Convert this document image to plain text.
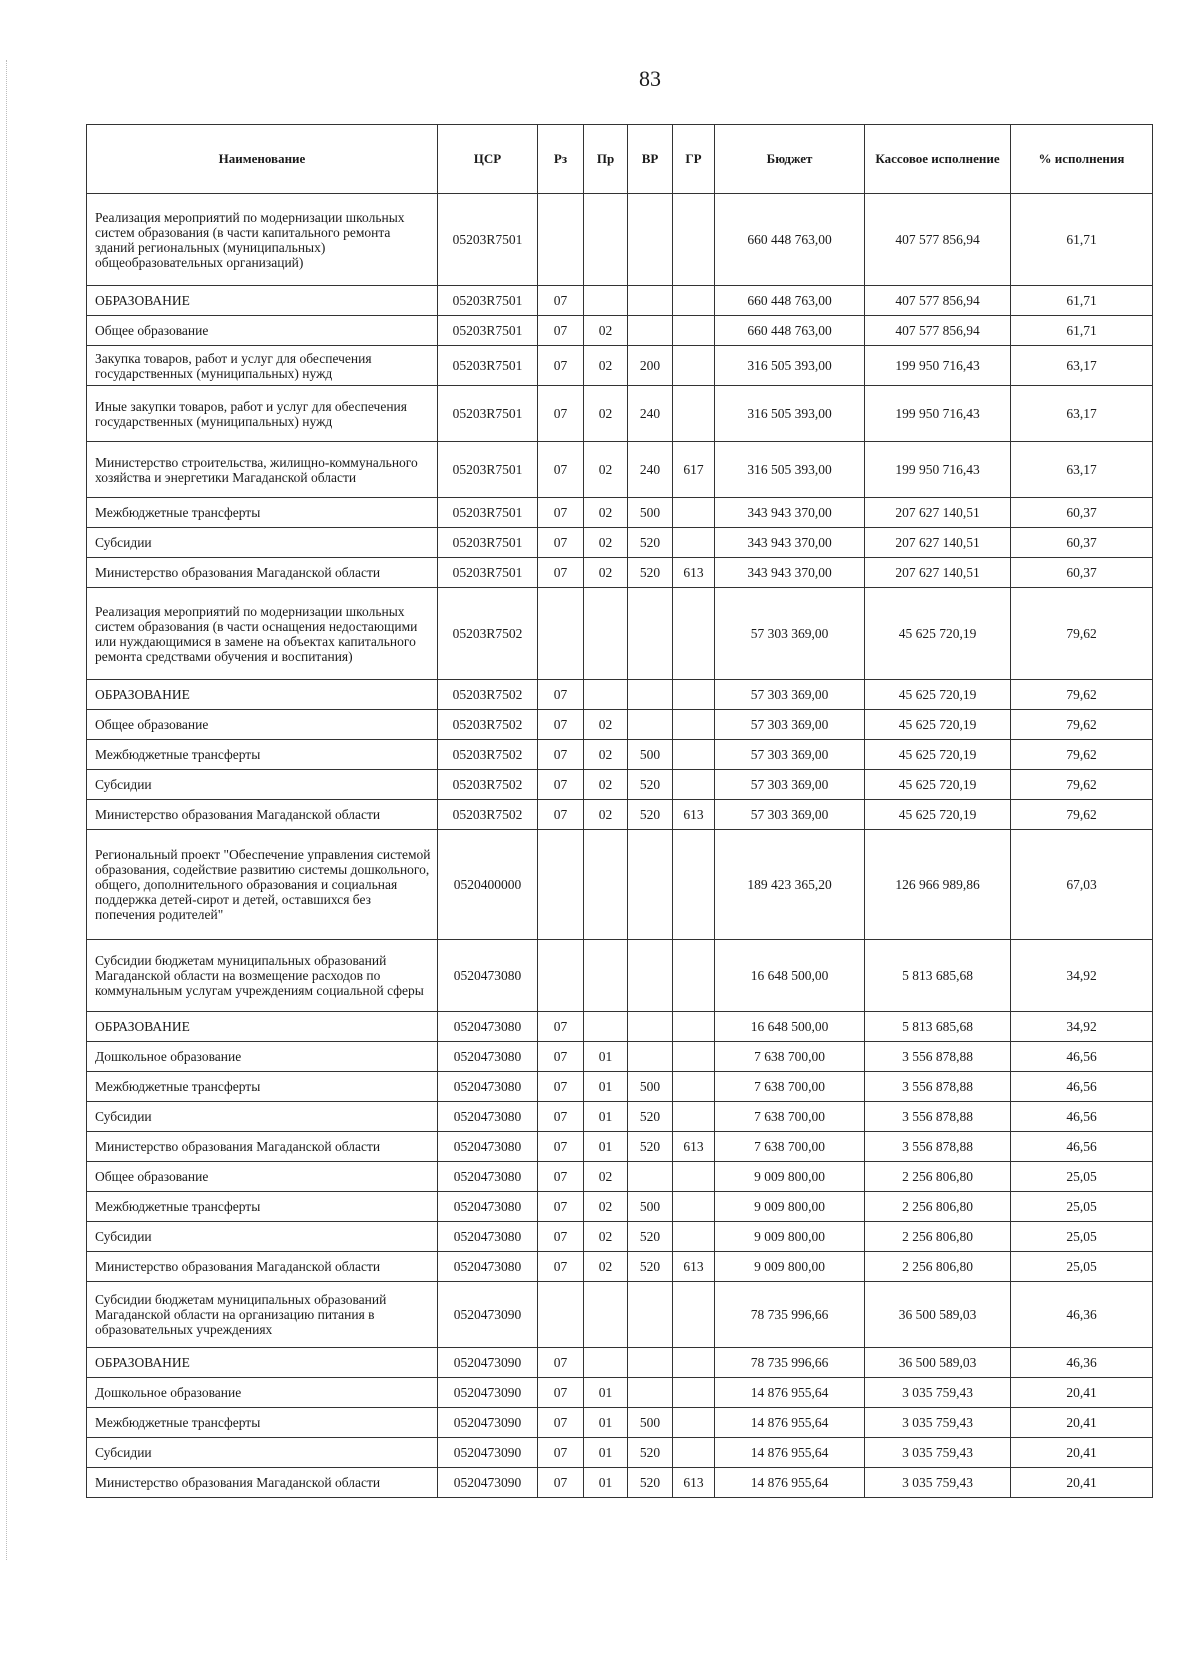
83
Наименование	ЦСР	Рз	Пр	ВР	ГР	Бюджет	Кассовое исполнение	% исполнения
Реализация мероприятий по модернизации школьных систем образования (в части капитального ремонта зданий региональных (муниципальных) общеобразовательных организаций)	05203R7501					660 448 763,00	407 577 856,94	61,71
ОБРАЗОВАНИЕ	05203R7501	07				660 448 763,00	407 577 856,94	61,71
Общее образование	05203R7501	07	02			660 448 763,00	407 577 856,94	61,71
Закупка товаров, работ и услуг для обеспечения государственных (муниципальных) нужд	05203R7501	07	02	200		316 505 393,00	199 950 716,43	63,17
Иные закупки товаров, работ и услуг для обеспечения государственных (муниципальных) нужд	05203R7501	07	02	240		316 505 393,00	199 950 716,43	63,17
Министерство строительства, жилищно-коммунального хозяйства и энергетики Магаданской области	05203R7501	07	02	240	617	316 505 393,00	199 950 716,43	63,17
Межбюджетные трансферты	05203R7501	07	02	500		343 943 370,00	207 627 140,51	60,37
Субсидии	05203R7501	07	02	520		343 943 370,00	207 627 140,51	60,37
Министерство образования Магаданской области	05203R7501	07	02	520	613	343 943 370,00	207 627 140,51	60,37
Реализация мероприятий по модернизации школьных систем образования (в части оснащения недостающими или нуждающимися в замене на объектах капитального ремонта средствами обучения и воспитания)	05203R7502					57 303 369,00	45 625 720,19	79,62
ОБРАЗОВАНИЕ	05203R7502	07				57 303 369,00	45 625 720,19	79,62
Общее образование	05203R7502	07	02			57 303 369,00	45 625 720,19	79,62
Межбюджетные трансферты	05203R7502	07	02	500		57 303 369,00	45 625 720,19	79,62
Субсидии	05203R7502	07	02	520		57 303 369,00	45 625 720,19	79,62
Министерство образования Магаданской области	05203R7502	07	02	520	613	57 303 369,00	45 625 720,19	79,62
Региональный проект "Обеспечение управления системой образования, содействие развитию системы дошкольного, общего, дополнительного образования и социальная поддержка детей-сирот и детей, оставшихся без попечения родителей"	0520400000					189 423 365,20	126 966 989,86	67,03
Субсидии бюджетам муниципальных образований Магаданской области на возмещение расходов по коммунальным услугам учреждениям социальной сферы	0520473080					16 648 500,00	5 813 685,68	34,92
ОБРАЗОВАНИЕ	0520473080	07				16 648 500,00	5 813 685,68	34,92
Дошкольное образование	0520473080	07	01			7 638 700,00	3 556 878,88	46,56
Межбюджетные трансферты	0520473080	07	01	500		7 638 700,00	3 556 878,88	46,56
Субсидии	0520473080	07	01	520		7 638 700,00	3 556 878,88	46,56
Министерство образования Магаданской области	0520473080	07	01	520	613	7 638 700,00	3 556 878,88	46,56
Общее образование	0520473080	07	02			9 009 800,00	2 256 806,80	25,05
Межбюджетные трансферты	0520473080	07	02	500		9 009 800,00	2 256 806,80	25,05
Субсидии	0520473080	07	02	520		9 009 800,00	2 256 806,80	25,05
Министерство образования Магаданской области	0520473080	07	02	520	613	9 009 800,00	2 256 806,80	25,05
Субсидии бюджетам муниципальных образований Магаданской области на организацию питания в образовательных учреждениях	0520473090					78 735 996,66	36 500 589,03	46,36
ОБРАЗОВАНИЕ	0520473090	07				78 735 996,66	36 500 589,03	46,36
Дошкольное образование	0520473090	07	01			14 876 955,64	3 035 759,43	20,41
Межбюджетные трансферты	0520473090	07	01	500		14 876 955,64	3 035 759,43	20,41
Субсидии	0520473090	07	01	520		14 876 955,64	3 035 759,43	20,41
Министерство образования Магаданской области	0520473090	07	01	520	613	14 876 955,64	3 035 759,43	20,41
